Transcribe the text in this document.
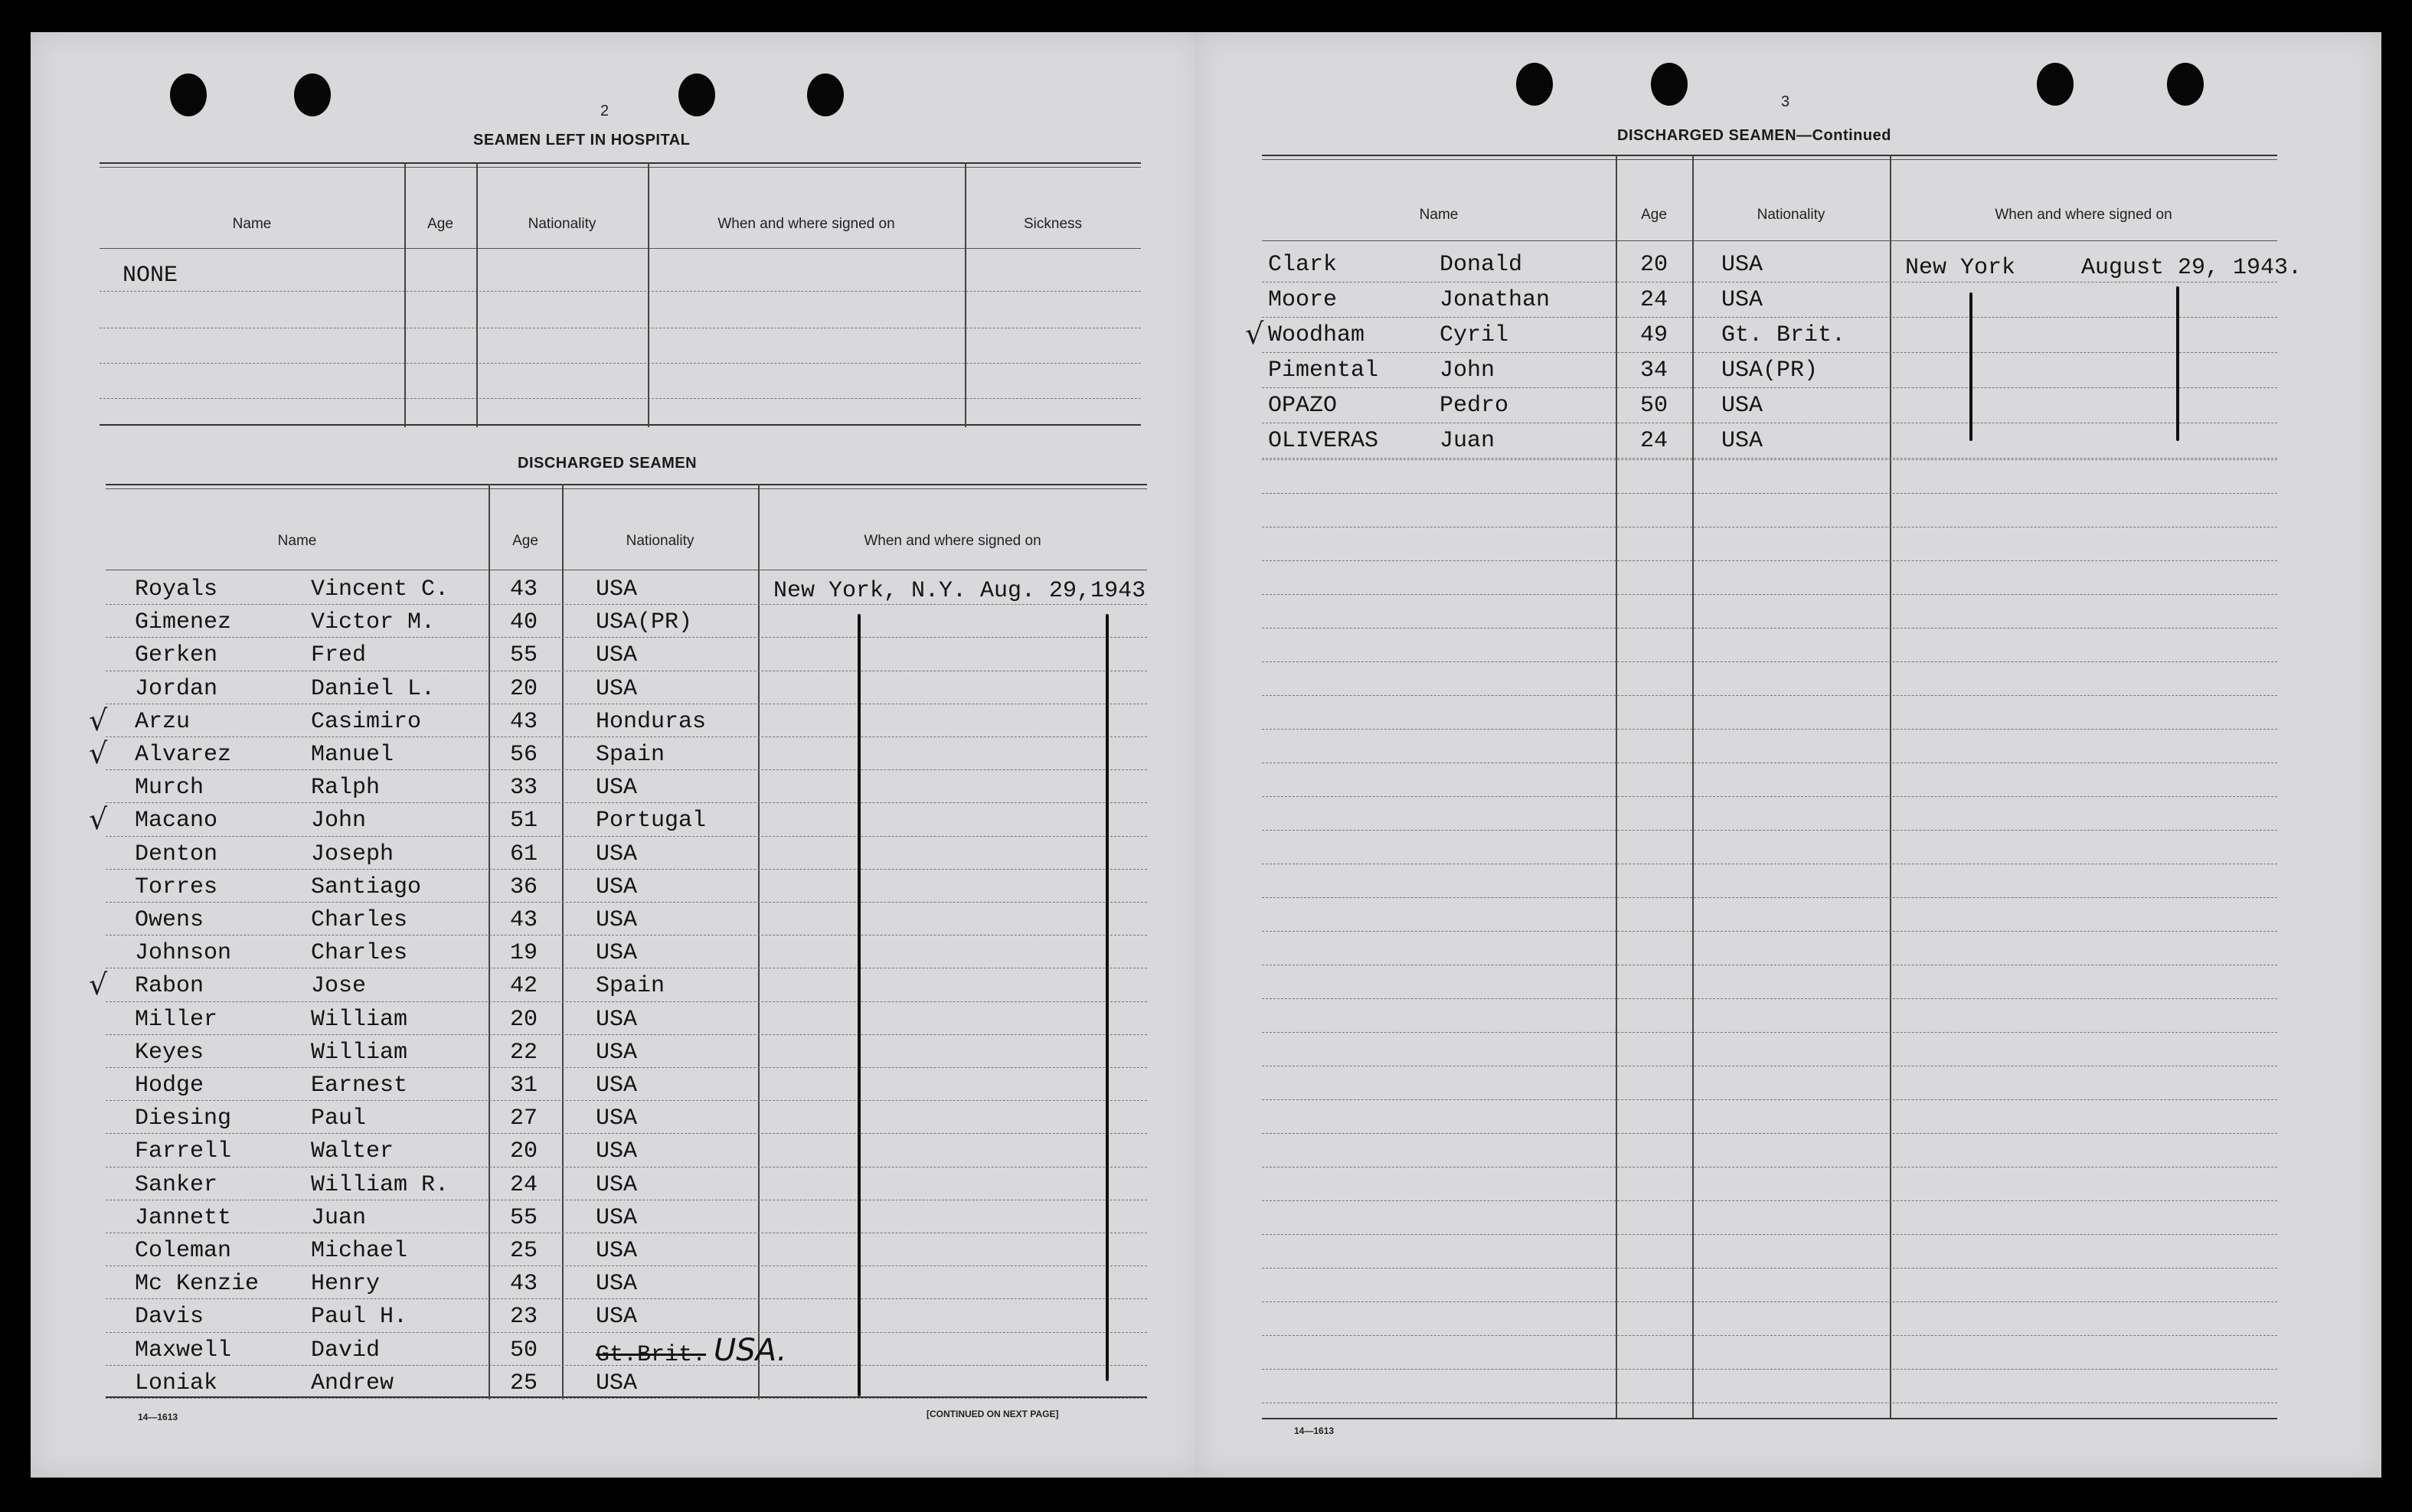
2
SEAMEN LEFT IN HOSPITAL
Name	Age	Nationality	When and where signed on	Sickness
NONE
DISCHARGED SEAMEN
Name	Age	Nationality	When and where signed on
New York, N.Y. Aug. 29,1943
Royals	Vincent C.	43	USA
Gimenez	Victor M.	40	USA(PR)
Gerken	Fred	55	USA
Jordan	Daniel L.	20	USA
√ Arzu	Casimiro	43	Honduras
√ Alvarez	Manuel	56	Spain
Murch	Ralph	33	USA
√ Macano	John	51	Portugal
Denton	Joseph	61	USA
Torres	Santiago	36	USA
Owens	Charles	43	USA
Johnson	Charles	19	USA
√ Rabon	Jose	42	Spain
Miller	William	20	USA
Keyes	William	22	USA
Hodge	Earnest	31	USA
Diesing	Paul	27	USA
Farrell	Walter	20	USA
Sanker	William R.	24	USA
Jannett	Juan	55	USA
Coleman	Michael	25	USA
Mc Kenzie Henry	43	USA
Davis	Paul H.	23	USA
Maxwell	David	50	Gt.Brit. USA.
Loniak	Andrew	25	USA
14—1613	[CONTINUED ON NEXT PAGE]
3
DISCHARGED SEAMEN—Continued
Name	Age	Nationality	When and where signed on
New York	August 29, 1943.
Clark	Donald	20 USA
Moore	Jonathan	24 USA
√ Woodham	Cyril	49 Gt. Brit.
Pimental	John	34 USA(PR)
OPAZO	Pedro	50 USA
OLIVERAS	Juan	24 USA
14—1613
